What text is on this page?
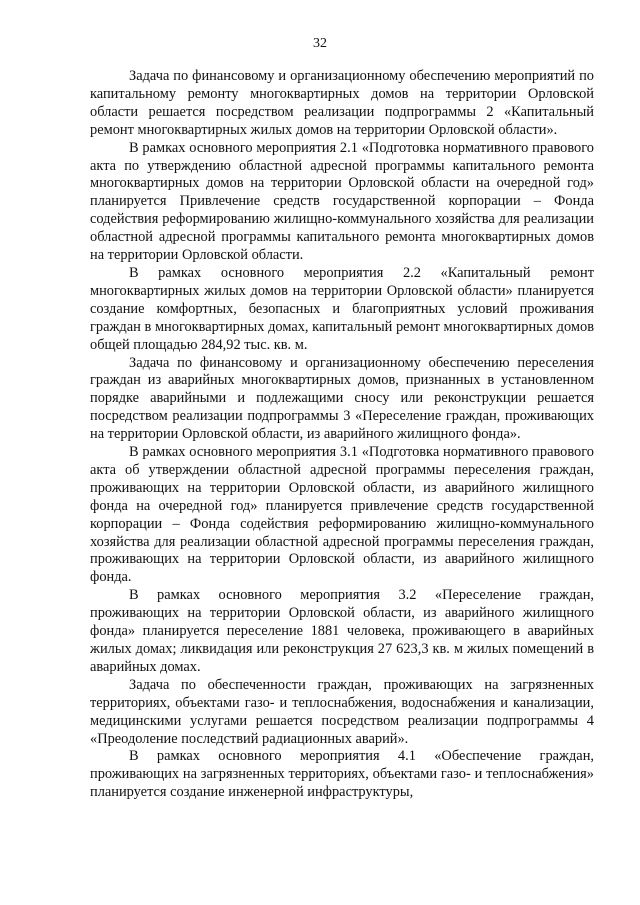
32

Задача по финансовому и организационному обеспечению мероприятий по капитальному ремонту многоквартирных домов на территории Орловской области решается посредством реализации подпрограммы 2 «Капитальный ремонт многоквартирных жилых домов на территории Орловской области».

В рамках основного мероприятия 2.1 «Подготовка нормативного правового акта по утверждению областной адресной программы капитального ремонта многоквартирных домов на территории Орловской области на очередной год» планируется Привлечение средств государственной корпорации – Фонда содействия реформированию жилищно-коммунального хозяйства для реализации областной адресной программы капитального ремонта многоквартирных домов на территории Орловской области.

В рамках основного мероприятия 2.2 «Капитальный ремонт многоквартирных жилых домов на территории Орловской области» планируется создание комфортных, безопасных и благоприятных условий проживания граждан в многоквартирных домах, капитальный ремонт многоквартирных домов общей площадью 284,92 тыс. кв. м.

Задача по финансовому и организационному обеспечению переселения граждан из аварийных многоквартирных домов, признанных в установленном порядке аварийными и подлежащими сносу или реконструкции решается посредством реализации подпрограммы 3 «Переселение граждан, проживающих на территории Орловской области, из аварийного жилищного фонда».

В рамках основного мероприятия 3.1 «Подготовка нормативного правового акта об утверждении областной адресной программы переселения граждан, проживающих на территории Орловской области, из аварийного жилищного фонда на очередной год» планируется привлечение средств государственной корпорации – Фонда содействия реформированию жилищно-коммунального хозяйства для реализации областной адресной программы переселения граждан, проживающих на территории Орловской области, из аварийного жилищного фонда.

В рамках основного мероприятия 3.2 «Переселение граждан, проживающих на территории Орловской области, из аварийного жилищного фонда» планируется переселение 1881 человека, проживающего в аварийных жилых домах; ликвидация или реконструкция 27 623,3 кв. м жилых помещений в аварийных домах.

Задача по обеспеченности граждан, проживающих на загрязненных территориях, объектами газо- и теплоснабжения, водоснабжения и канализации, медицинскими услугами решается посредством реализации подпрограммы 4 «Преодоление последствий радиационных аварий».

В рамках основного мероприятия 4.1 «Обеспечение граждан, проживающих на загрязненных территориях, объектами газо- и теплоснабжения» планируется создание инженерной инфраструктуры,
